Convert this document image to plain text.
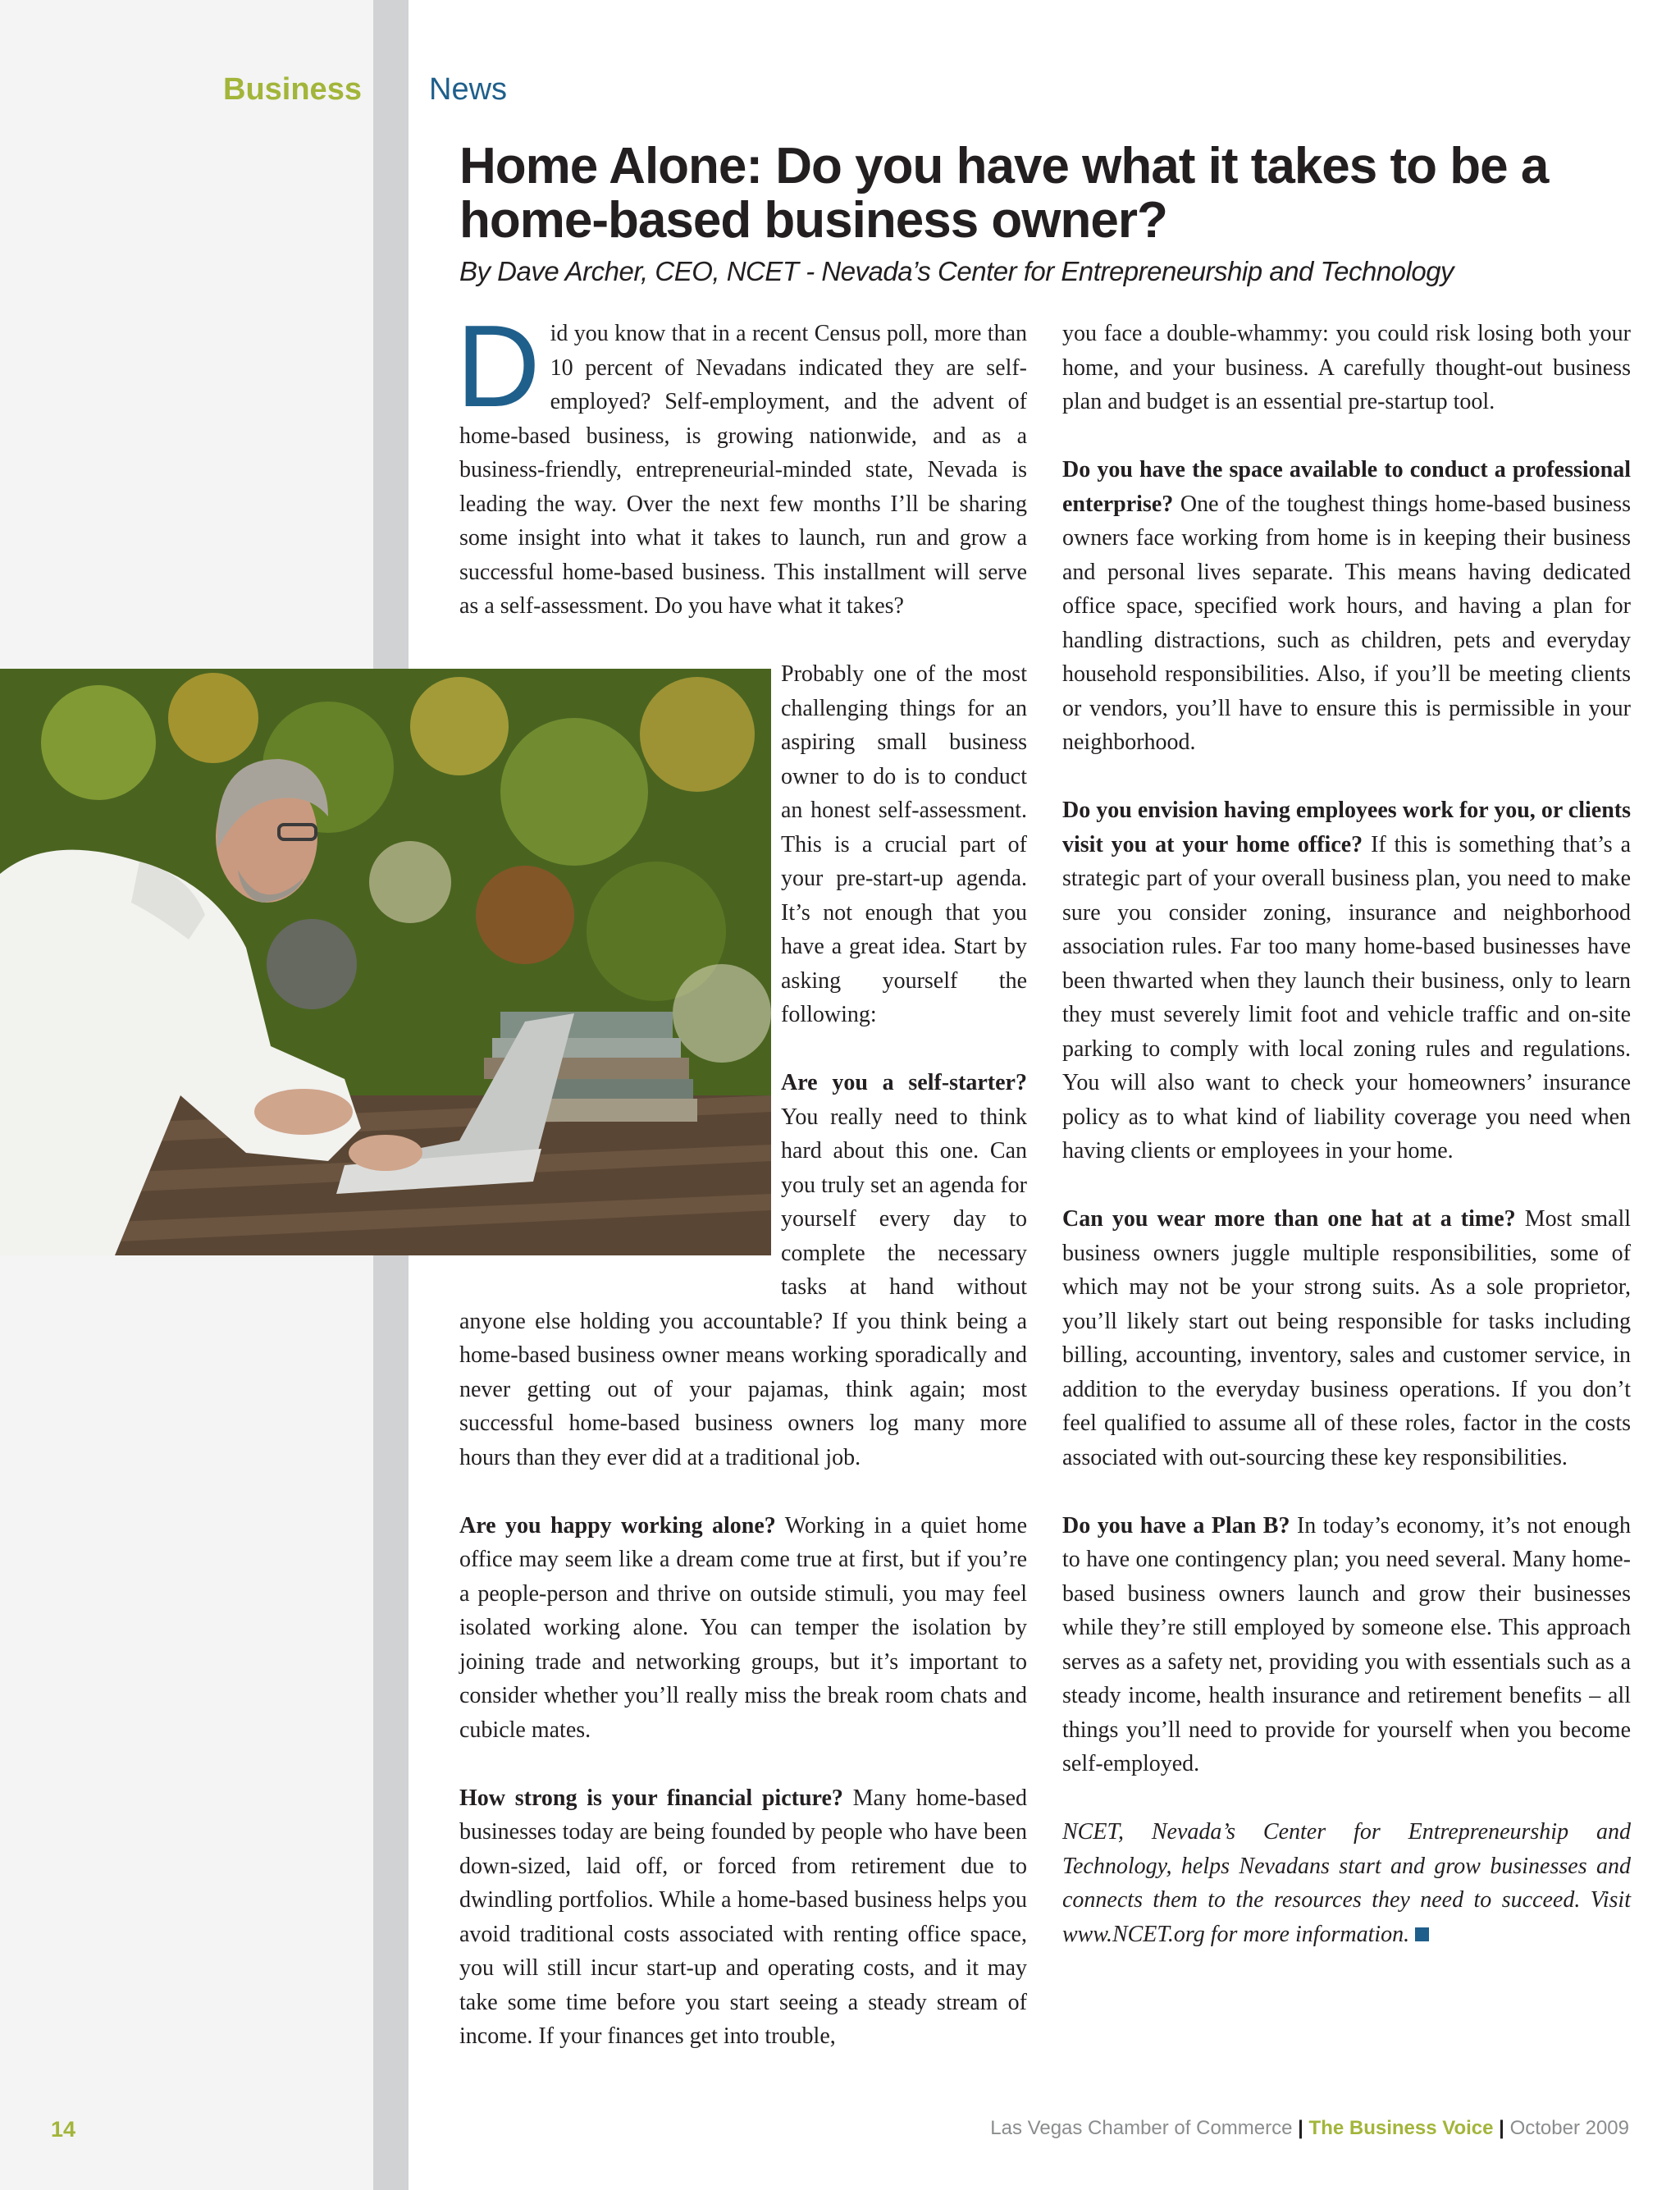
Business News
Home Alone: Do you have what it takes to be a home-based business owner?
By Dave Archer, CEO, NCET - Nevada’s Center for Entrepreneurship and Technology

Did you know that in a recent Census poll, more than 10 percent of Nevadans indicated they are self-employed? Self-employment, and the advent of home-based business, is growing nationwide, and as a business-friendly, entrepreneurial-minded state, Nevada is leading the way. Over the next few months I’ll be sharing some insight into what it takes to launch, run and grow a successful home-based business. This installment will serve as a self-assessment. Do you have what it takes?

Probably one of the most challenging things for an aspiring small business owner to do is to conduct an honest self-assessment. This is a crucial part of your pre-start-up agenda. It’s not enough that you have a great idea. Start by asking yourself the following:

Are you a self-starter? You really need to think hard about this one. Can you truly set an agenda for yourself every day to complete the necessary tasks at hand without anyone else holding you accountable? If you think being a home-based business owner means working sporadically and never getting out of your pajamas, think again; most successful home-based business owners log many more hours than they ever did at a traditional job.

Are you happy working alone? Working in a quiet home office may seem like a dream come true at first, but if you’re a people-person and thrive on outside stimuli, you may feel isolated working alone. You can temper the isolation by joining trade and networking groups, but it’s important to consider whether you’ll really miss the break room chats and cubicle mates.

How strong is your financial picture? Many home-based businesses today are being founded by people who have been down-sized, laid off, or forced from retirement due to dwindling portfolios. While a home-based business helps you avoid traditional costs associated with renting office space, you will still incur start-up and operating costs, and it may take some time before you start seeing a steady stream of income. If your finances get into trouble,

you face a double-whammy: you could risk losing both your home, and your business. A carefully thought-out business plan and budget is an essential pre-startup tool.

Do you have the space available to conduct a professional enterprise? One of the toughest things home-based business owners face working from home is in keeping their business and personal lives separate. This means having dedicated office space, specified work hours, and having a plan for handling distractions, such as children, pets and everyday household responsibilities. Also, if you’ll be meeting clients or vendors, you’ll have to ensure this is permissible in your neighborhood.

Do you envision having employees work for you, or clients visit you at your home office? If this is something that’s a strategic part of your overall business plan, you need to make sure you consider zoning, insurance and neighborhood association rules. Far too many home-based businesses have been thwarted when they launch their business, only to learn they must severely limit foot and vehicle traffic and on-site parking to comply with local zoning rules and regulations. You will also want to check your homeowners’ insurance policy as to what kind of liability coverage you need when having clients or employees in your home.

Can you wear more than one hat at a time? Most small business owners juggle multiple responsibilities, some of which may not be your strong suits. As a sole proprietor, you’ll likely start out being responsible for tasks including billing, accounting, inventory, sales and customer service, in addition to the everyday business operations. If you don’t feel qualified to assume all of these roles, factor in the costs associated with out-sourcing these key responsibilities.

Do you have a Plan B? In today’s economy, it’s not enough to have one contingency plan; you need several. Many home-based business owners launch and grow their businesses while they’re still employed by someone else. This approach serves as a safety net, providing you with essentials such as a steady income, health insurance and retirement benefits – all things you’ll need to provide for yourself when you become self-employed.

NCET, Nevada’s Center for Entrepreneurship and Technology, helps Nevadans start and grow businesses and connects them to the resources they need to succeed. Visit www.NCET.org for more information.

14	Las Vegas Chamber of Commerce | The Business Voice | October 2009
